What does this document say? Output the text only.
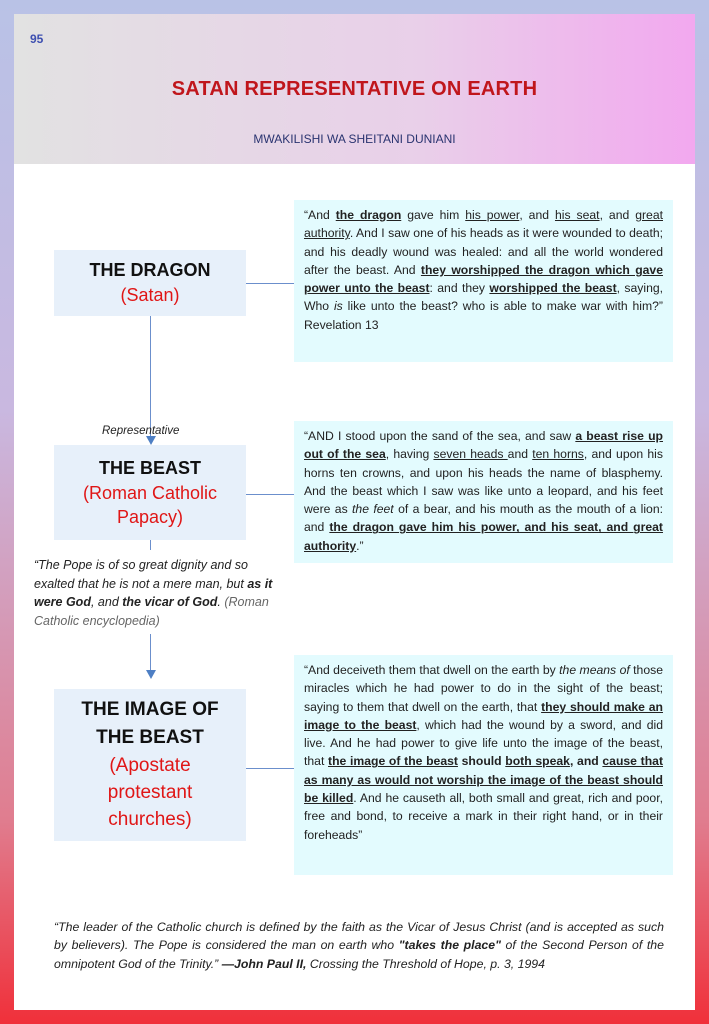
95
SATAN REPRESENTATIVE ON EARTH
MWAKILISHI WA SHEITANI DUNIANI
THE DRAGON
(Satan)
THE BEAST
(Roman Catholic
Papacy)
THE IMAGE OF
THE BEAST
(Apostate
protestant
churches)
Representative
“And the dragon gave him his power, and his seat, and great authority. And I saw one of his heads as it were wounded to death; and his deadly wound was healed: and all the world wondered after the beast. And they worshipped the dragon which gave power unto the beast: and they worshipped the beast, saying, Who is like unto the beast? who is able to make war with him?” Revelation 13
“AND I stood upon the sand of the sea, and saw a beast rise up out of the sea, having seven heads and ten horns, and upon his horns ten crowns, and upon his heads the name of blasphemy. And the beast which I saw was like unto a leopard, and his feet were as the feet of a bear, and his mouth as the mouth of a lion: and the dragon gave him his power, and his seat, and great authority.”
“The Pope is of so great dignity and so exalted that he is not a mere man, but as it were God, and the vicar of God. (Roman Catholic encyclopedia)
“And deceiveth them that dwell on the earth by the means of those miracles which he had power to do in the sight of the beast; saying to them that dwell on the earth, that they should make an image to the beast, which had the wound by a sword, and did live. And he had power to give life unto the image of the beast, that the image of the beast should both speak, and cause that as many as would not worship the image of the beast should be killed. And he causeth all, both small and great, rich and poor, free and bond, to receive a mark in their right hand, or in their foreheads”
“The leader of the Catholic church is defined by the faith as the Vicar of Jesus Christ (and is accepted as such by believers). The Pope is considered the man on earth who "takes the place" of the Second Person of the omnipotent God of the Trinity.” —John Paul II, Crossing the Threshold of Hope, p. 3, 1994
